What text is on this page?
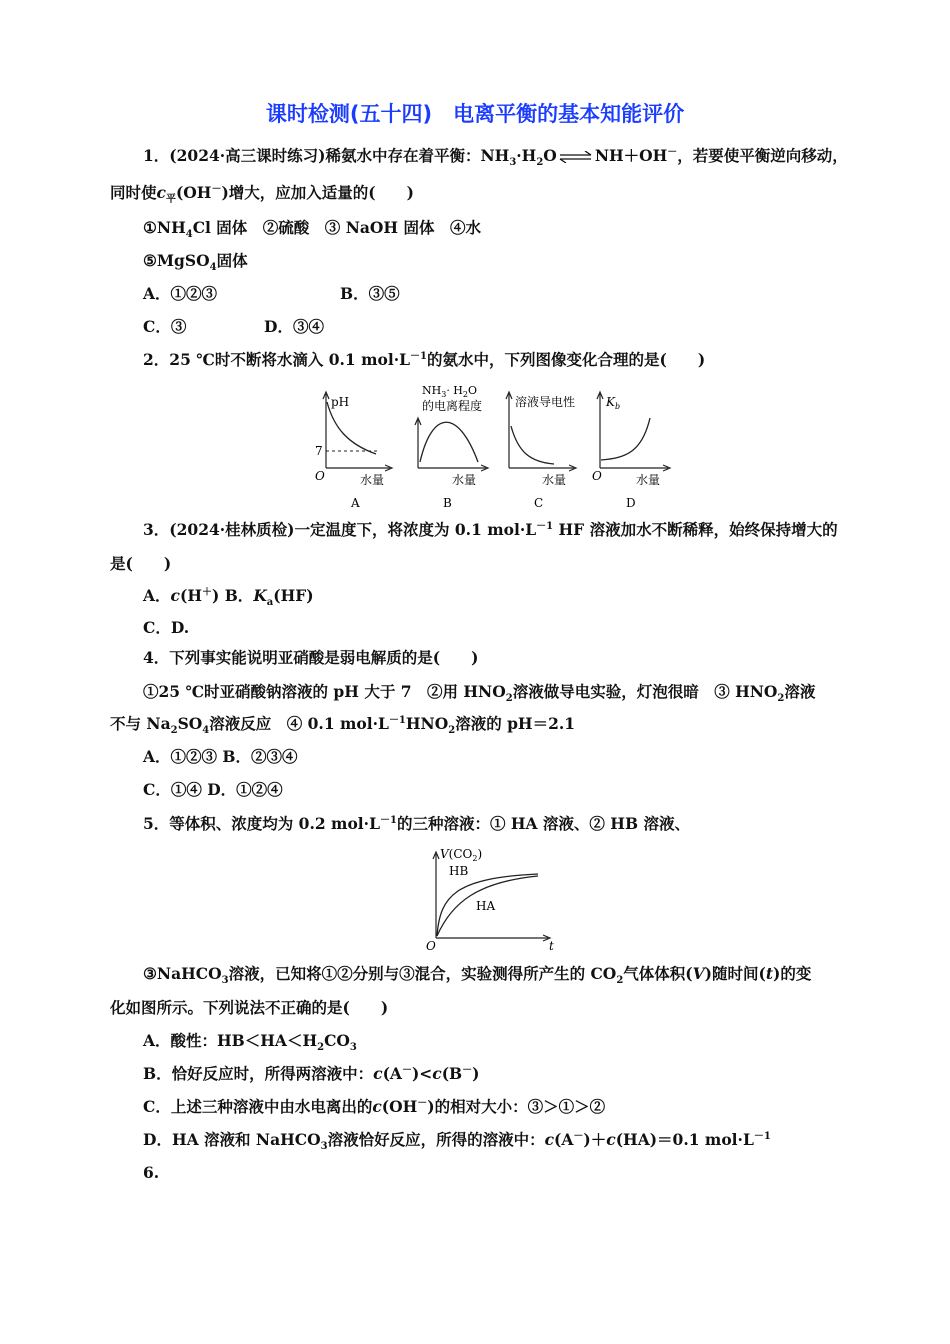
课时检测(五十四)　电离平衡的基本知能评价
1．(2024·高三课时练习)稀氨水中存在着平衡：$NH_3\cdot H_2O$ ⇌ NH＋OH－，若要使平衡逆向移动，
同时使$c_平(OH^-)$增大，应加入适量的(　　)
$①NH_4Cl$ 固体　②硫酸　③ NaOH 固体　④水
⑤MgSO$_4$固体
A．①②③	B．③⑤
C．③	D．③④
2．25 ℃时不断将水滴入 0.1 $mol\cdot L^{-1}$的氨水中，下列图像变化合理的是(　　)
pH
7
O	水量
A
$NH_3\cdot H_2O$
的电离程度
水量
B
溶液导电性
水量
C
$K_b$
O	水量
D
3．(2024·桂林质检)一定温度下，将浓度为 0.1 $mol\cdot L^{-1}$ HF 溶液加水不断稀释，始终保持增大的
是(　　)
A．c(H＋) B．$K_a(HF)$
C．D.
4．下列事实能说明亚硝酸是弱电解质的是(　　)
①25 ℃时亚硝酸钠溶液的 pH 大于 7　②用 $HNO_2$溶液做导电实验，灯泡很暗　③ $HNO_2$溶液
不与 $Na_2SO_4$溶液反应　④ 0.1 $mol\cdot L^{-1}HNO_2$溶液的 pH＝2.1
A．①②③ B．②③④
C．①④ D．①②④
5．等体积、浓度均为 0.2 $mol\cdot L^{-1}$的三种溶液：① HA 溶液、② HB 溶液、
$V(CO_2)$
HB
HA
O	t
③NaHCO$_3$溶液，已知将①②分别与③混合，实验测得所产生的 $CO_2$气体体积(V)随时间(t)的变
化如图所示。下列说法不正确的是(　　)
A．酸性：$HB<HA<H_2CO_3$
B．恰好反应时，所得两溶液中：c(A－)<c(B－)
C．上述三种溶液中由水电离出的c(OH－)的相对大小：③＞①＞②
D．HA 溶液和 NaHCO$_3$溶液恰好反应，所得的溶液中：c(A－)＋c(HA)＝0.1 $mol\cdot L^{-1}$
6.
